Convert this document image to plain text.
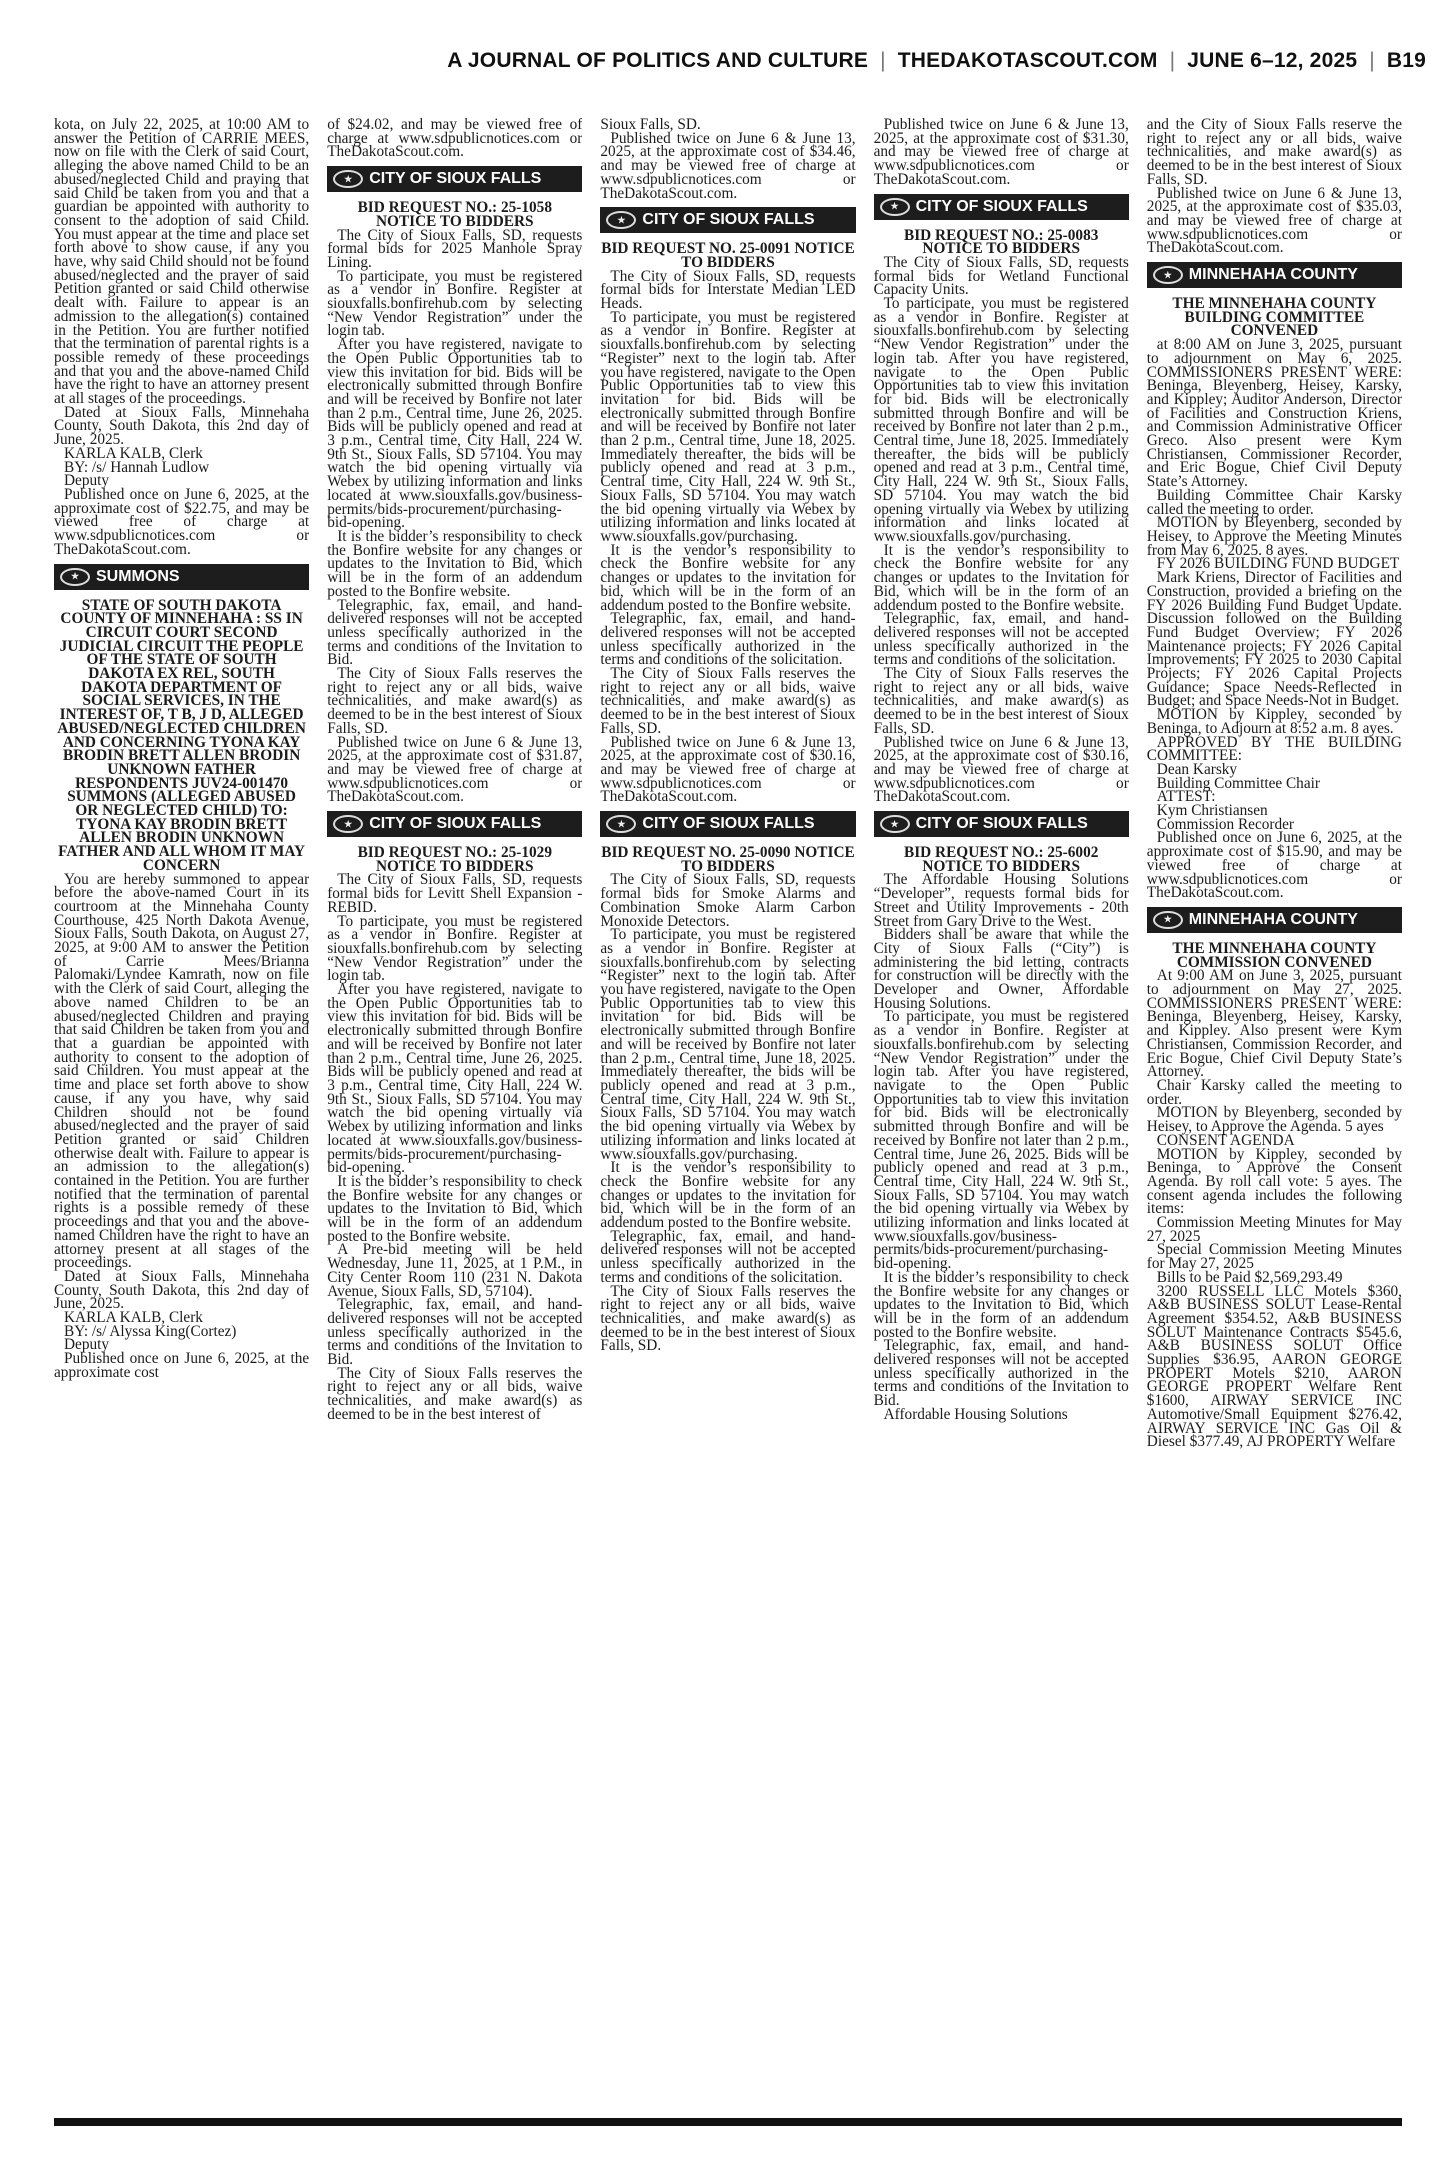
A JOURNAL OF POLITICS AND CULTURE | THEDAKOTASCOUT.COM | JUNE 6–12, 2025 | B19

kota, on July 22, 2025, at 10:00 AM to answer the Petition of CARRIE MEES, now on file with the Clerk of said Court, alleging the above named Child to be an abused/neglected Child and praying that said Child be taken from you and that a guardian be appointed with authority to consent to the adoption of said Child. You must appear at the time and place set forth above to show cause, if any you have, why said Child should not be found abused/neglected and the prayer of said Petition granted or said Child otherwise dealt with. Failure to appear is an admission to the allegation(s) contained in the Petition. You are further notified that the termination of parental rights is a possible remedy of these proceedings and that you and the above-named Child have the right to have an attorney present at all stages of the proceedings.

Dated at Sioux Falls, Minnehaha County, South Dakota, this 2nd day of June, 2025.

KARLA KALB, Clerk

BY: /s/ Hannah Ludlow

Deputy

Published once on June 6, 2025, at the approximate cost of $22.75, and may be viewed free of charge at www.sdpublicnotices.com or TheDakotaScout.com.

★	SUMMONS

STATE OF SOUTH DAKOTA COUNTY OF MINNEHAHA : SS IN CIRCUIT COURT SECOND JUDICIAL CIRCUIT THE PEOPLE OF THE STATE OF SOUTH DAKOTA EX REL, SOUTH DAKOTA DEPARTMENT OF SOCIAL SERVICES, IN THE INTEREST OF, T B, J D, ALLEGED ABUSED/NEGLECTED CHILDREN AND CONCERNING TYONA KAY BRODIN BRETT ALLEN BRODIN UNKNOWN FATHER RESPONDENTS JUV24-001470 SUMMONS (ALLEGED ABUSED OR NEGLECTED CHILD) TO: TYONA KAY BRODIN BRETT ALLEN BRODIN UNKNOWN FATHER AND ALL WHOM IT MAY CONCERN

You are hereby summoned to appear before the above-named Court in its courtroom at the Minnehaha County Courthouse, 425 North Dakota Avenue, Sioux Falls, South Dakota, on August 27, 2025, at 9:00 AM to answer the Petition of Carrie Mees/Brianna Palomaki/Lyndee Kamrath, now on file with the Clerk of said Court, alleging the above named Children to be an abused/neglected Children and praying that said Children be taken from you and that a guardian be appointed with authority to consent to the adoption of said Children. You must appear at the time and place set forth above to show cause, if any you have, why said Children should not be found abused/neglected and the prayer of said Petition granted or said Children otherwise dealt with. Failure to appear is an admission to the allegation(s) contained in the Petition. You are further notified that the termination of parental rights is a possible remedy of these proceedings and that you and the above-named Children have the right to have an attorney present at all stages of the proceedings.

Dated at Sioux Falls, Minnehaha County, South Dakota, this 2nd day of June, 2025.

KARLA KALB, Clerk

BY: /s/ Alyssa King(Cortez)

Deputy

Published once on June 6, 2025, at the approximate cost

of $24.02, and may be viewed free of charge at www.sdpublicnotices.com or TheDakotaScout.com.

★	CITY OF SIOUX FALLS

BID REQUEST NO.: 25-1058 NOTICE TO BIDDERS

The City of Sioux Falls, SD, requests formal bids for 2025 Manhole Spray Lining.

To participate, you must be registered as a vendor in Bonfire. Register at siouxfalls.bonfirehub.com by selecting “New Vendor Registration” under the login tab.

After you have registered, navigate to the Open Public Opportunities tab to view this invitation for bid. Bids will be electronically submitted through Bonfire and will be received by Bonfire not later than 2 p.m., Central time, June 26, 2025. Bids will be publicly opened and read at 3 p.m., Central time, City Hall, 224 W. 9th St., Sioux Falls, SD 57104. You may watch the bid opening virtually via Webex by utilizing information and links located at www.siouxfalls.gov/business-permits/bids-procurement/purchasing-bid-opening.

It is the bidder’s responsibility to check the Bonfire website for any changes or updates to the Invitation to Bid, which will be in the form of an addendum posted to the Bonfire website.

Telegraphic, fax, email, and hand-delivered responses will not be accepted unless specifically authorized in the terms and conditions of the Invitation to Bid.

The City of Sioux Falls reserves the right to reject any or all bids, waive technicalities, and make award(s) as deemed to be in the best interest of Sioux Falls, SD.

Published twice on June 6 & June 13, 2025, at the approximate cost of $31.87, and may be viewed free of charge at www.sdpublicnotices.com or TheDakotaScout.com.

★	CITY OF SIOUX FALLS

BID REQUEST NO.: 25-1029 NOTICE TO BIDDERS

The City of Sioux Falls, SD, requests formal bids for Levitt Shell Expansion - REBID.

To participate, you must be registered as a vendor in Bonfire. Register at siouxfalls.bonfirehub.com by selecting “New Vendor Registration” under the login tab.

After you have registered, navigate to the Open Public Opportunities tab to view this invitation for bid. Bids will be electronically submitted through Bonfire and will be received by Bonfire not later than 2 p.m., Central time, June 26, 2025. Bids will be publicly opened and read at 3 p.m., Central time, City Hall, 224 W. 9th St., Sioux Falls, SD 57104. You may watch the bid opening virtually via Webex by utilizing information and links located at www.siouxfalls.gov/business-permits/bids-procurement/purchasing-bid-opening.

It is the bidder’s responsibility to check the Bonfire website for any changes or updates to the Invitation to Bid, which will be in the form of an addendum posted to the Bonfire website.

A Pre-bid meeting will be held Wednesday, June 11, 2025, at 1 P.M., in City Center Room 110 (231 N. Dakota Avenue, Sioux Falls, SD, 57104).

Telegraphic, fax, email, and hand-delivered responses will not be accepted unless specifically authorized in the terms and conditions of the Invitation to Bid.

The City of Sioux Falls reserves the right to reject any or all bids, waive technicalities, and make award(s) as deemed to be in the best interest of

Sioux Falls, SD.

Published twice on June 6 & June 13, 2025, at the approximate cost of $34.46, and may be viewed free of charge at www.sdpublicnotices.com or TheDakotaScout.com.

★	CITY OF SIOUX FALLS

BID REQUEST NO. 25-0091 NOTICE TO BIDDERS

The City of Sioux Falls, SD, requests formal bids for Interstate Median LED Heads.

To participate, you must be registered as a vendor in Bonfire. Register at siouxfalls.bonfirehub.com by selecting “Register” next to the login tab. After you have registered, navigate to the Open Public Opportunities tab to view this invitation for bid. Bids will be electronically submitted through Bonfire and will be received by Bonfire not later than 2 p.m., Central time, June 18, 2025. Immediately thereafter, the bids will be publicly opened and read at 3 p.m., Central time, City Hall, 224 W. 9th St., Sioux Falls, SD 57104. You may watch the bid opening virtually via Webex by utilizing information and links located at www.siouxfalls.gov/purchasing.

It is the vendor’s responsibility to check the Bonfire website for any changes or updates to the invitation for bid, which will be in the form of an addendum posted to the Bonfire website.

Telegraphic, fax, email, and hand-delivered responses will not be accepted unless specifically authorized in the terms and conditions of the solicitation.

The City of Sioux Falls reserves the right to reject any or all bids, waive technicalities, and make award(s) as deemed to be in the best interest of Sioux Falls, SD.

Published twice on June 6 & June 13, 2025, at the approximate cost of $30.16, and may be viewed free of charge at www.sdpublicnotices.com or TheDakotaScout.com.

★	CITY OF SIOUX FALLS

BID REQUEST NO. 25-0090 NOTICE TO BIDDERS

The City of Sioux Falls, SD, requests formal bids for Smoke Alarms and Combination Smoke Alarm Carbon Monoxide Detectors.

To participate, you must be registered as a vendor in Bonfire. Register at siouxfalls.bonfirehub.com by selecting “Register” next to the login tab. After you have registered, navigate to the Open Public Opportunities tab to view this invitation for bid. Bids will be electronically submitted through Bonfire and will be received by Bonfire not later than 2 p.m., Central time, June 18, 2025. Immediately thereafter, the bids will be publicly opened and read at 3 p.m., Central time, City Hall, 224 W. 9th St., Sioux Falls, SD 57104. You may watch the bid opening virtually via Webex by utilizing information and links located at www.siouxfalls.gov/purchasing.

It is the vendor’s responsibility to check the Bonfire website for any changes or updates to the invitation for bid, which will be in the form of an addendum posted to the Bonfire website.

Telegraphic, fax, email, and hand-delivered responses will not be accepted unless specifically authorized in the terms and conditions of the solicitation.

The City of Sioux Falls reserves the right to reject any or all bids, waive technicalities, and make award(s) as deemed to be in the best interest of Sioux Falls, SD.

Published twice on June 6 & June 13, 2025, at the approximate cost of $31.30, and may be viewed free of charge at www.sdpublicnotices.com or TheDakotaScout.com.

★	CITY OF SIOUX FALLS

BID REQUEST NO.: 25-0083 NOTICE TO BIDDERS

The City of Sioux Falls, SD, requests formal bids for Wetland Functional Capacity Units.

To participate, you must be registered as a vendor in Bonfire. Register at siouxfalls.bonfirehub.com by selecting “New Vendor Registration” under the login tab. After you have registered, navigate to the Open Public Opportunities tab to view this invitation for bid. Bids will be electronically submitted through Bonfire and will be received by Bonfire not later than 2 p.m., Central time, June 18, 2025. Immediately thereafter, the bids will be publicly opened and read at 3 p.m., Central time, City Hall, 224 W. 9th St., Sioux Falls, SD 57104. You may watch the bid opening virtually via Webex by utilizing information and links located at www.siouxfalls.gov/purchasing.

It is the vendor’s responsibility to check the Bonfire website for any changes or updates to the Invitation for Bid, which will be in the form of an addendum posted to the Bonfire website.

Telegraphic, fax, email, and hand-delivered responses will not be accepted unless specifically authorized in the terms and conditions of the solicitation.

The City of Sioux Falls reserves the right to reject any or all bids, waive technicalities, and make award(s) as deemed to be in the best interest of Sioux Falls, SD.

Published twice on June 6 & June 13, 2025, at the approximate cost of $30.16, and may be viewed free of charge at www.sdpublicnotices.com or TheDakotaScout.com.

★	CITY OF SIOUX FALLS

BID REQUEST NO.: 25-6002 NOTICE TO BIDDERS

The Affordable Housing Solutions “Developer”, requests formal bids for Street and Utility Improvements - 20th Street from Gary Drive to the West.

Bidders shall be aware that while the City of Sioux Falls (“City”) is administering the bid letting, contracts for construction will be directly with the Developer and Owner, Affordable Housing Solutions.

To participate, you must be registered as a vendor in Bonfire. Register at siouxfalls.bonfirehub.com by selecting “New Vendor Registration” under the login tab. After you have registered, navigate to the Open Public Opportunities tab to view this invitation for bid. Bids will be electronically submitted through Bonfire and will be received by Bonfire not later than 2 p.m., Central time, June 26, 2025. Bids will be publicly opened and read at 3 p.m., Central time, City Hall, 224 W. 9th St., Sioux Falls, SD 57104. You may watch the bid opening virtually via Webex by utilizing information and links located at www.siouxfalls.gov/business-permits/bids-procurement/purchasing-bid-opening.

It is the bidder’s responsibility to check the Bonfire website for any changes or updates to the Invitation to Bid, which will be in the form of an addendum posted to the Bonfire website.

Telegraphic, fax, email, and hand-delivered responses will not be accepted unless specifically authorized in the terms and conditions of the Invitation to Bid.

Affordable Housing Solutions

and the City of Sioux Falls reserve the right to reject any or all bids, waive technicalities, and make award(s) as deemed to be in the best interest of Sioux Falls, SD.

Published twice on June 6 & June 13, 2025, at the approximate cost of $35.03, and may be viewed free of charge at www.sdpublicnotices.com or TheDakotaScout.com.

★	MINNEHAHA COUNTY

THE MINNEHAHA COUNTY BUILDING COMMITTEE CONVENED

at 8:00 AM on June 3, 2025, pursuant to adjournment on May 6, 2025. COMMISSIONERS PRESENT WERE: Beninga, Bleyenberg, Heisey, Karsky, and Kippley; Auditor Anderson, Director of Facilities and Construction Kriens, and Commission Administrative Officer Greco. Also present were Kym Christiansen, Commissioner Recorder, and Eric Bogue, Chief Civil Deputy State’s Attorney.

Building Committee Chair Karsky called the meeting to order.

MOTION by Bleyenberg, seconded by Heisey, to Approve the Meeting Minutes from May 6, 2025. 8 ayes.

FY 2026 BUILDING FUND BUDGET

Mark Kriens, Director of Facilities and Construction, provided a briefing on the FY 2026 Building Fund Budget Update. Discussion followed on the Building Fund Budget Overview; FY 2026 Maintenance projects; FY 2026 Capital Improvements; FY 2025 to 2030 Capital Projects; FY 2026 Capital Projects Guidance; Space Needs-Reflected in Budget; and Space Needs-Not in Budget.

MOTION by Kippley, seconded by Beninga, to Adjourn at 8:52 a.m. 8 ayes.

APPROVED BY THE BUILDING COMMITTEE:

Dean Karsky

Building Committee Chair

ATTEST:

Kym Christiansen

Commission Recorder

Published once on June 6, 2025, at the approximate cost of $15.90, and may be viewed free of charge at www.sdpublicnotices.com or TheDakotaScout.com.

★	MINNEHAHA COUNTY

THE MINNEHAHA COUNTY COMMISSION CONVENED

At 9:00 AM on June 3, 2025, pursuant to adjournment on May 27, 2025. COMMISSIONERS PRESENT WERE: Beninga, Bleyenberg, Heisey, Karsky, and Kippley. Also present were Kym Christiansen, Commission Recorder, and Eric Bogue, Chief Civil Deputy State’s Attorney.

Chair Karsky called the meeting to order.

MOTION by Bleyenberg, seconded by Heisey, to Approve the Agenda. 5 ayes

CONSENT AGENDA

MOTION by Kippley, seconded by Beninga, to Approve the Consent Agenda. By roll call vote: 5 ayes. The consent agenda includes the following items:

Commission Meeting Minutes for May 27, 2025

Special Commission Meeting Minutes for May 27, 2025

Bills to be Paid $2,569,293.49

3200 RUSSELL LLC Motels $360, A&B BUSINESS SOLUT Lease-Rental Agreement $354.52, A&B BUSINESS SOLUT Maintenance Contracts $545.6, A&B BUSINESS SOLUT Office Supplies $36.95, AARON GEORGE PROPERT Motels $210, AARON GEORGE PROPERT Welfare Rent $1600, AIRWAY SERVICE INC Automotive/Small Equipment $276.42, AIRWAY SERVICE INC Gas Oil & Diesel $377.49, AJ PROPERTY Welfare
